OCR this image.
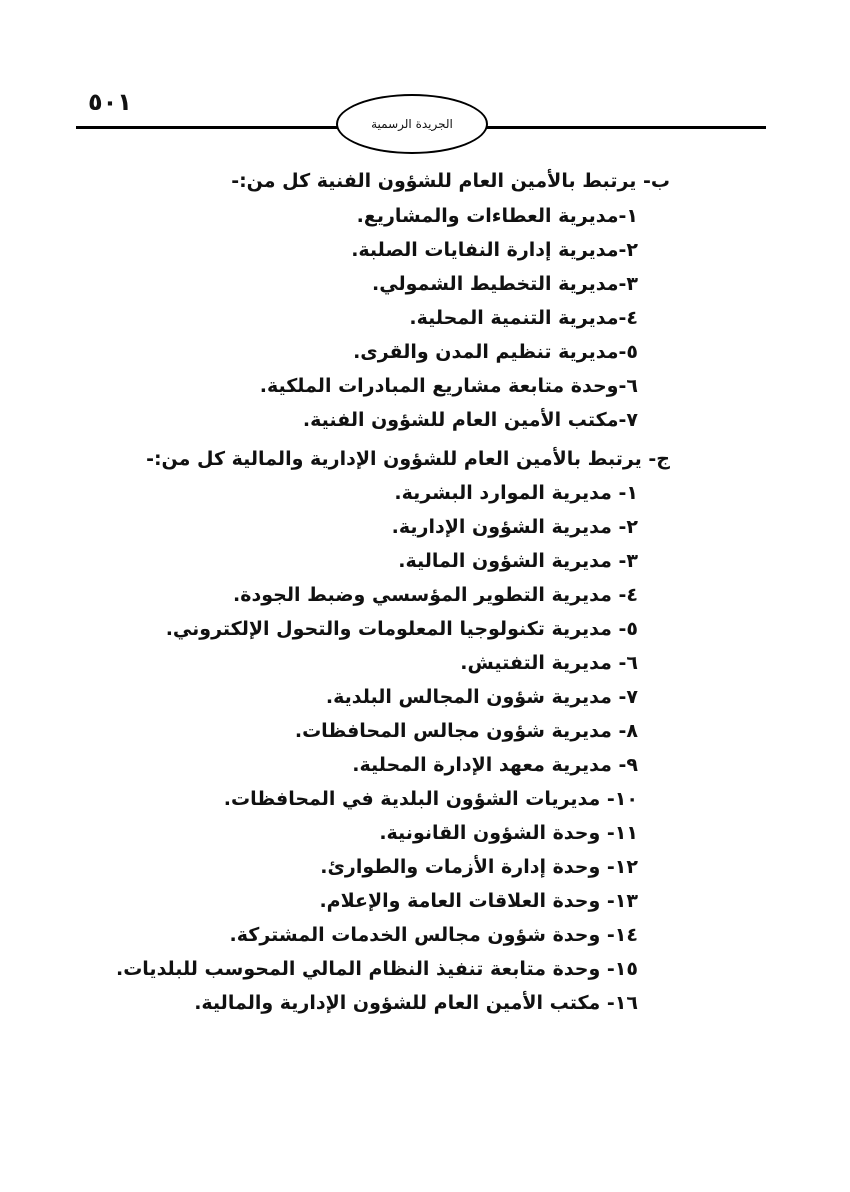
٥٠١
الجريدة الرسمية
ب- يرتبط بالأمين العام للشؤون الفنية كل من:-
١-مديرية العطاءات والمشاريع.
٢-مديرية إدارة النفايات الصلبة.
٣-مديرية التخطيط الشمولي.
٤-مديرية التنمية المحلية.
٥-مديرية تنظيم المدن والقرى.
٦-وحدة متابعة مشاريع المبادرات الملكية.
٧-مكتب الأمين العام للشؤون الفنية.
ج- يرتبط بالأمين العام للشؤون الإدارية والمالية كل من:-
١- مديرية الموارد البشرية.
٢- مديرية الشؤون الإدارية.
٣- مديرية الشؤون المالية.
٤- مديرية التطوير المؤسسي وضبط الجودة.
٥- مديرية تكنولوجيا المعلومات والتحول الإلكتروني.
٦- مديرية التفتيش.
٧- مديرية شؤون المجالس البلدية.
٨- مديرية شؤون مجالس المحافظات.
٩- مديرية معهد الإدارة المحلية.
١٠- مديريات الشؤون البلدية في المحافظات.
١١- وحدة الشؤون القانونية.
١٢- وحدة إدارة الأزمات والطوارئ.
١٣- وحدة العلاقات العامة والإعلام.
١٤- وحدة شؤون مجالس الخدمات المشتركة.
١٥- وحدة متابعة تنفيذ النظام المالي المحوسب للبلديات.
١٦- مكتب الأمين العام للشؤون الإدارية والمالية.
